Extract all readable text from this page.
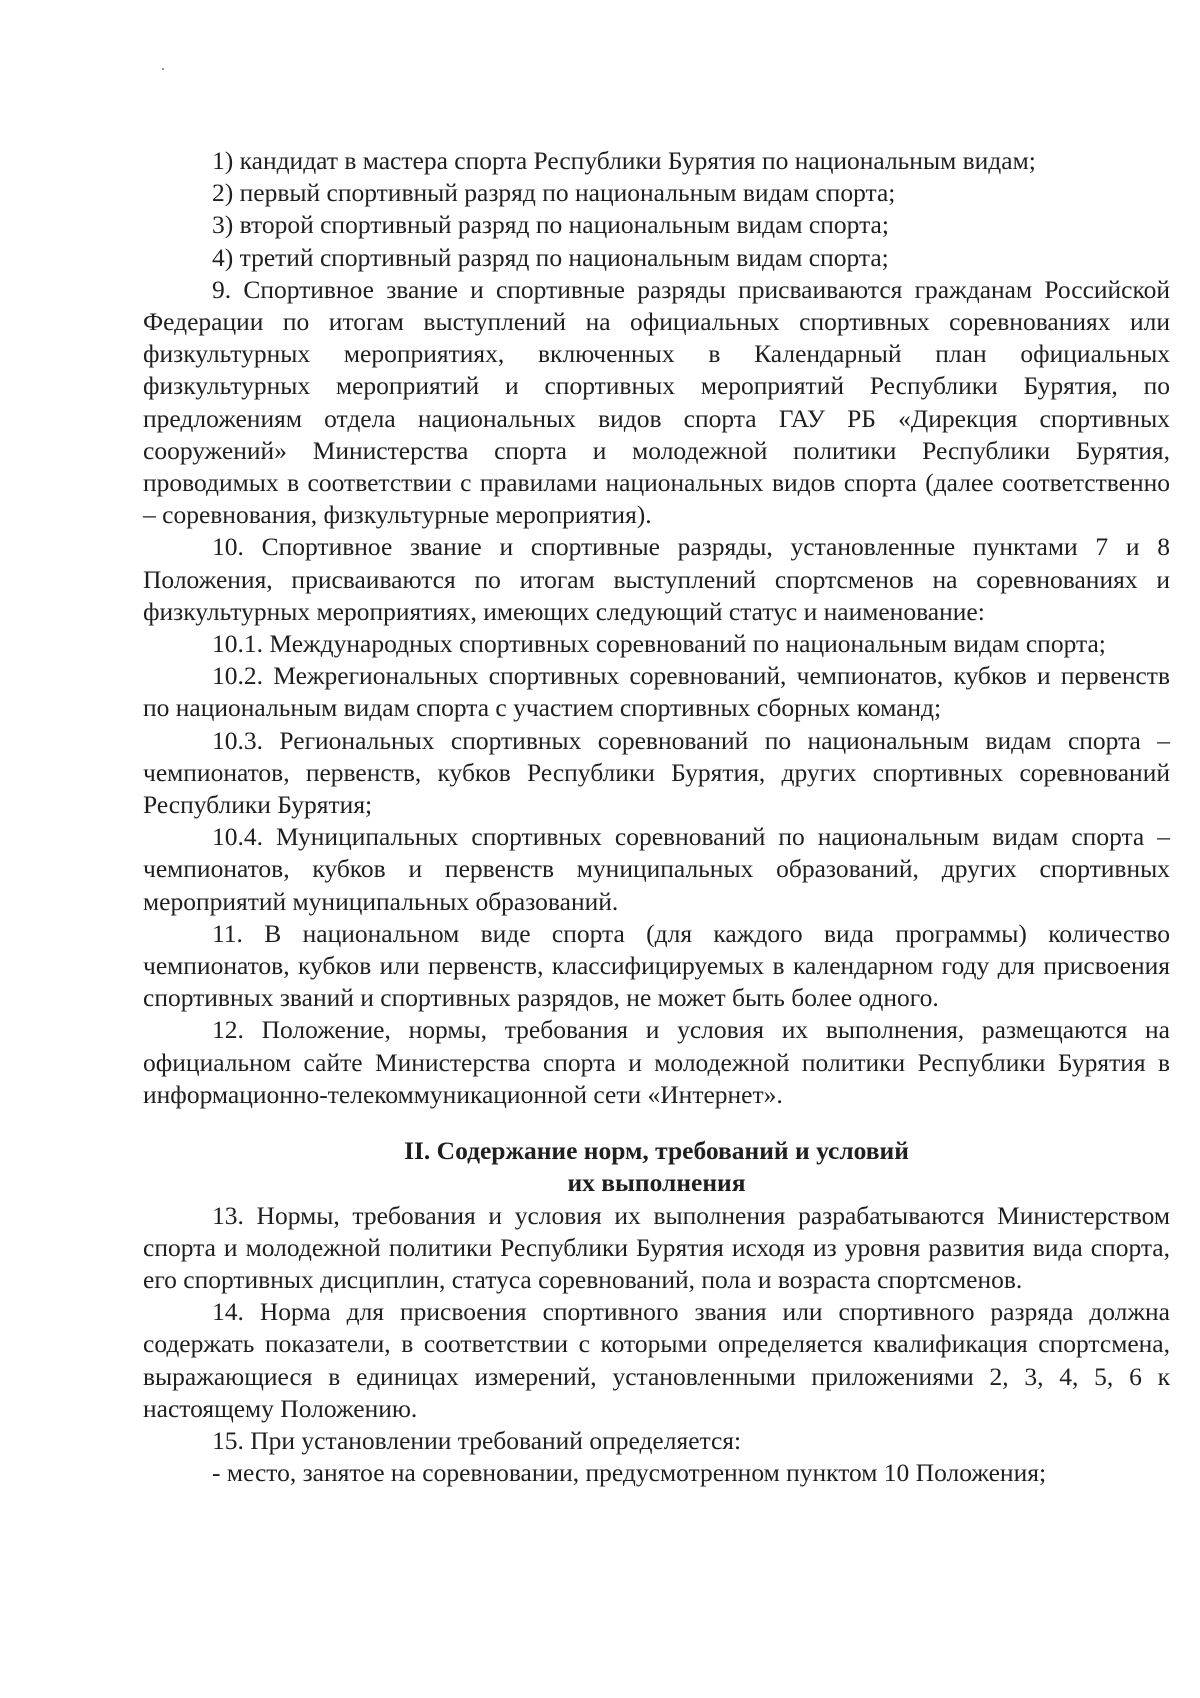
1) кандидат в мастера спорта Республики Бурятия по национальным видам;

2) первый спортивный разряд по национальным видам спорта;

3) второй спортивный разряд по национальным видам спорта;

4) третий спортивный разряд по национальным видам спорта;

9. Спортивное звание и спортивные разряды присваиваются гражданам Российской Федерации по итогам выступлений на официальных спортивных соревнованиях или физкультурных мероприятиях, включенных в Календарный план официальных физкультурных мероприятий и спортивных мероприятий Республики Бурятия, по предложениям отдела национальных видов спорта ГАУ РБ «Дирекция спортивных сооружений» Министерства спорта и молодежной политики Республики Бурятия, проводимых в соответствии с правилами национальных видов спорта (далее соответственно – соревнования, физкультурные мероприятия).

10. Спортивное звание и спортивные разряды, установленные пунктами 7 и 8 Положения, присваиваются по итогам выступлений спортсменов на соревнованиях и физкультурных мероприятиях, имеющих следующий статус и наименование:

10.1. Международных спортивных соревнований по национальным видам спорта;

10.2. Межрегиональных спортивных соревнований, чемпионатов, кубков и первенств по национальным видам спорта с участием спортивных сборных команд;

10.3. Региональных спортивных соревнований по национальным видам спорта – чемпионатов, первенств, кубков Республики Бурятия, других спортивных соревнований Республики Бурятия;

10.4. Муниципальных спортивных соревнований по национальным видам спорта – чемпионатов, кубков и первенств муниципальных образований, других спортивных мероприятий муниципальных образований.

11. В национальном виде спорта (для каждого вида программы) количество чемпионатов, кубков или первенств, классифицируемых в календарном году для присвоения спортивных званий и спортивных разрядов, не может быть более одного.

12. Положение, нормы, требования и условия их выполнения, размещаются на официальном сайте Министерства спорта и молодежной политики Республики Бурятия в информационно-телекоммуникационной сети «Интернет».

II. Содержание норм, требований и условий
их выполнения

13. Нормы, требования и условия их выполнения разрабатываются Министерством спорта и молодежной политики Республики Бурятия исходя из уровня развития вида спорта, его спортивных дисциплин, статуса соревнований, пола и возраста спортсменов.

14. Норма для присвоения спортивного звания или спортивного разряда должна содержать показатели, в соответствии с которыми определяется квалификация спортсмена, выражающиеся в единицах измерений, установленными приложениями 2, 3, 4, 5, 6 к настоящему Положению.

15. При установлении требований определяется:

- место, занятое на соревновании, предусмотренном пунктом 10 Положения;
